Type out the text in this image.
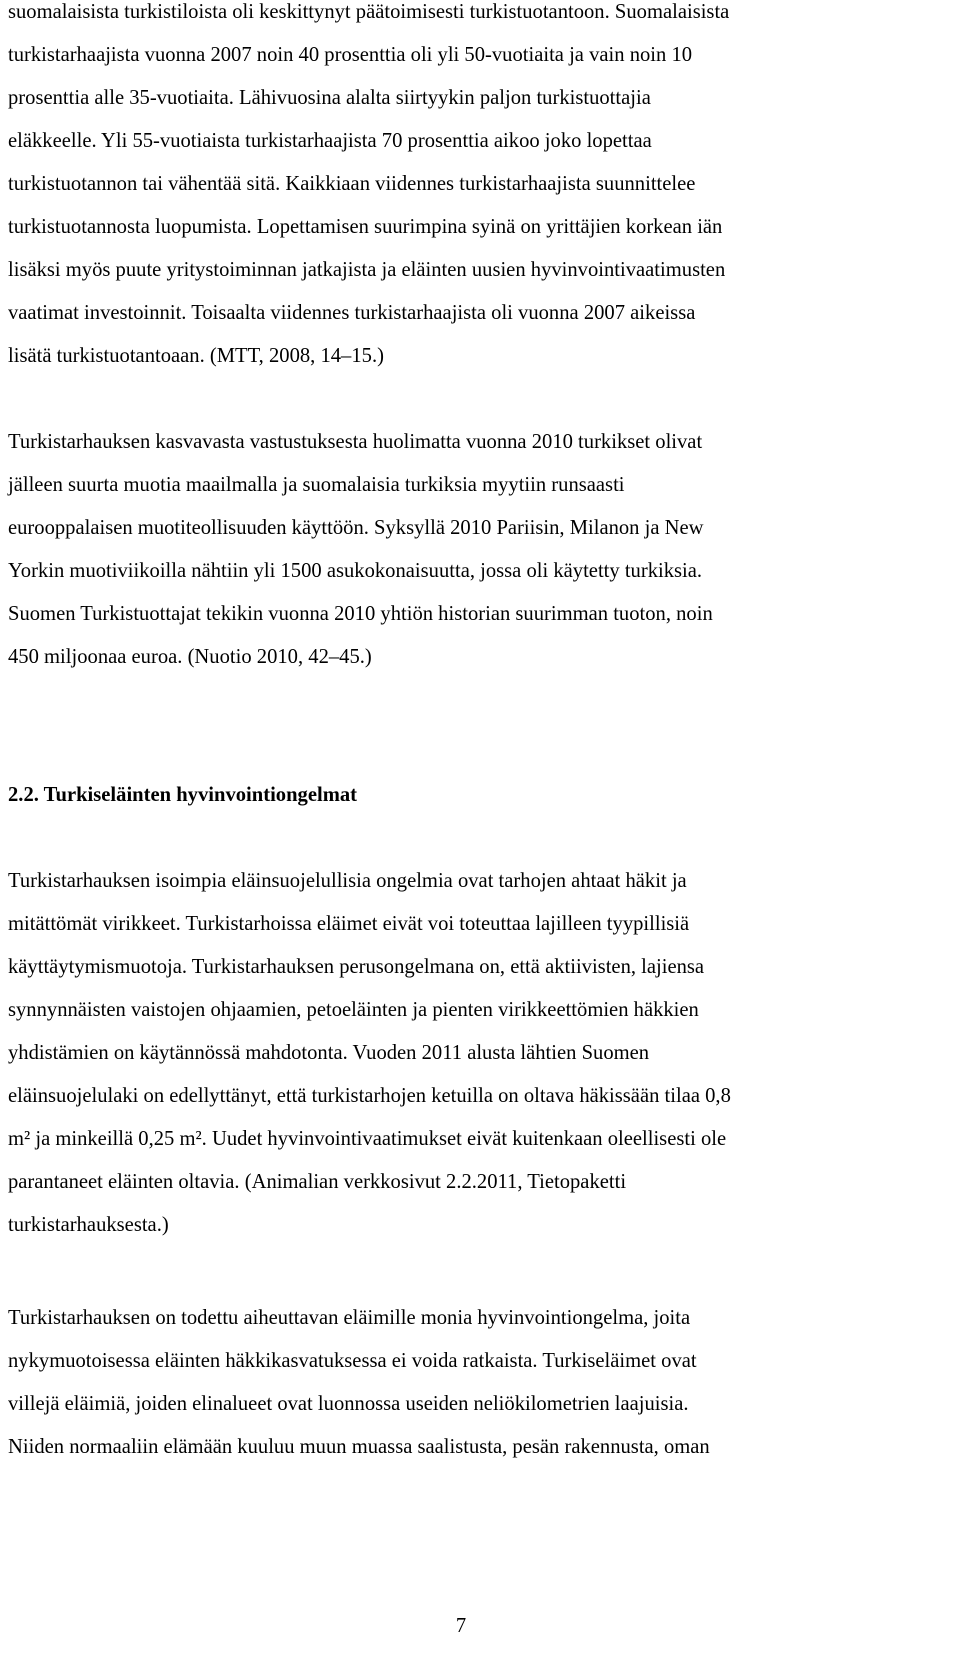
suomalaisista turkistiloista oli keskittynyt päätoimisesti turkistuotantoon. Suomalaisista
turkistarhaajista vuonna 2007 noin 40 prosenttia oli yli 50-vuotiaita ja vain noin 10
prosenttia alle 35-vuotiaita. Lähivuosina alalta siirtyykin paljon turkistuottajia
eläkkeelle. Yli 55-vuotiaista turkistarhaajista 70 prosenttia aikoo joko lopettaa
turkistuotannon tai vähentää sitä. Kaikkiaan viidennes turkistarhaajista suunnittelee
turkistuotannosta luopumista. Lopettamisen suurimpina syinä on yrittäjien korkean iän
lisäksi myös puute yritystoiminnan jatkajista ja eläinten uusien hyvinvointivaatimusten
vaatimat investoinnit. Toisaalta viidennes turkistarhaajista oli vuonna 2007 aikeissa
lisätä turkistuotantoaan. (MTT, 2008, 14–15.)
Turkistarhauksen kasvavasta vastustuksesta huolimatta vuonna 2010 turkikset olivat
jälleen suurta muotia maailmalla ja suomalaisia turkiksia myytiin runsaasti
eurooppalaisen muotiteollisuuden käyttöön. Syksyllä 2010 Pariisin, Milanon ja New
Yorkin muotiviikoilla nähtiin yli 1500 asukokonaisuutta, jossa oli käytetty turkiksia.
Suomen Turkistuottajat tekikin vuonna 2010 yhtiön historian suurimman tuoton, noin
450 miljoonaa euroa. (Nuotio 2010, 42–45.)
2.2. Turkiseläinten hyvinvointiongelmat
Turkistarhauksen isoimpia eläinsuojelullisia ongelmia ovat tarhojen ahtaat häkit ja
mitättömät virikkeet. Turkistarhoissa eläimet eivät voi toteuttaa lajilleen tyypillisiä
käyttäytymismuotoja. Turkistarhauksen perusongelmana on, että aktiivisten, lajiensa
synnynnäisten vaistojen ohjaamien, petoeläinten ja pienten virikkeettömien häkkien
yhdistämien on käytännössä mahdotonta. Vuoden 2011 alusta lähtien Suomen
eläinsuojelulaki on edellyttänyt, että turkistarhojen ketuilla on oltava häkissään tilaa 0,8
m² ja minkeillä 0,25 m². Uudet hyvinvointivaatimukset eivät kuitenkaan oleellisesti ole
parantaneet eläinten oltavia. (Animalian verkkosivut 2.2.2011, Tietopaketti
turkistarhauksesta.)
Turkistarhauksen on todettu aiheuttavan eläimille monia hyvinvointiongelma, joita
nykymuotoisessa eläinten häkkikasvatuksessa ei voida ratkaista. Turkiseläimet ovat
villejä eläimiä, joiden elinalueet ovat luonnossa useiden neliökilometrien laajuisia.
Niiden normaaliin elämään kuuluu muun muassa saalistusta, pesän rakennusta, oman
7
